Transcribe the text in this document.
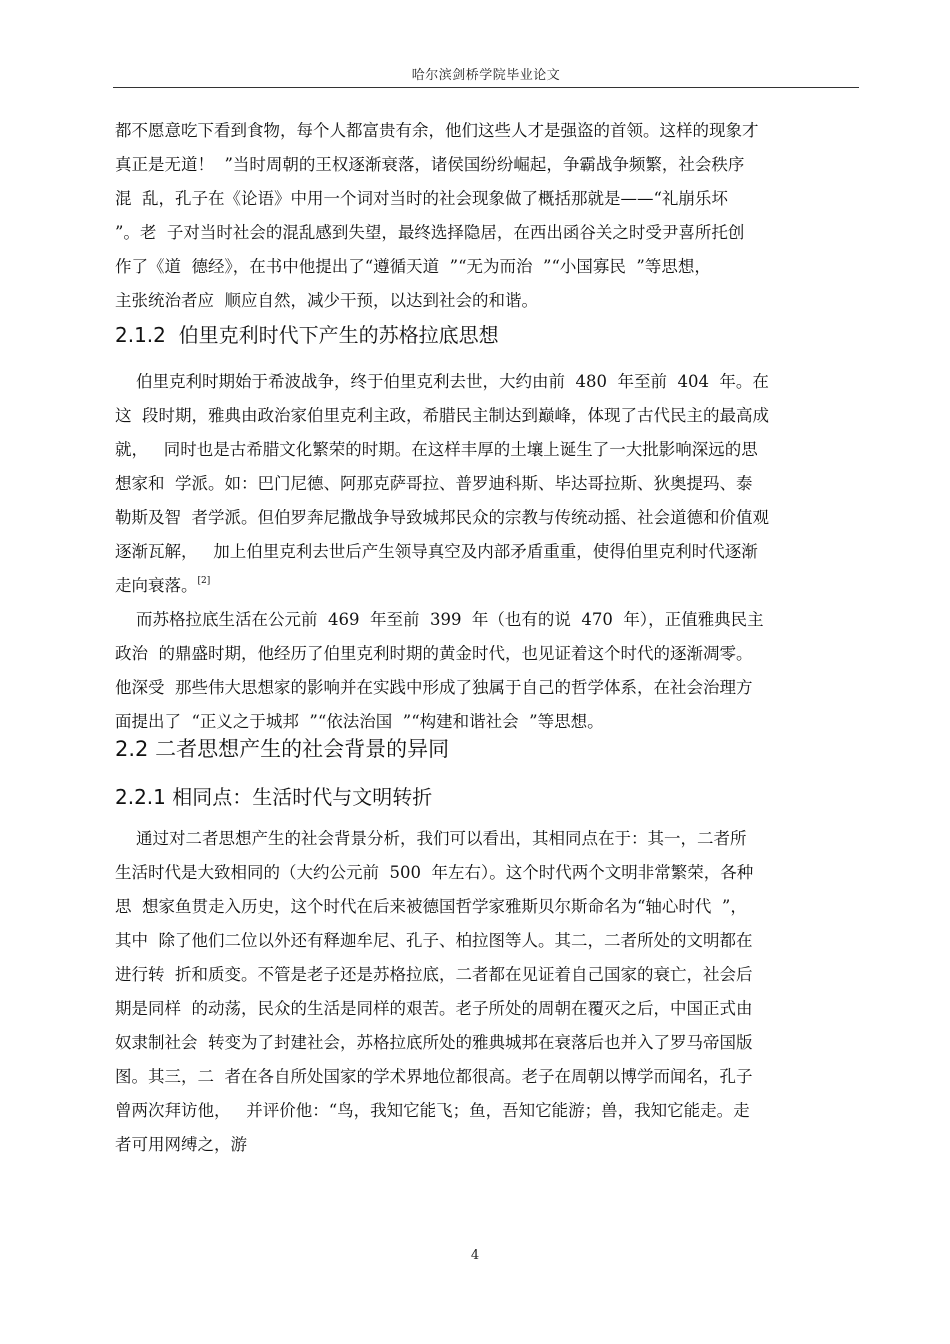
哈尔滨剑桥学院毕业论文
都不愿意吃下看到食物，每个人都富贵有余，他们这些人才是强盗的首领。这样的现象才
真正是无道！  ”当时周朝的王权逐渐衰落，诸侯国纷纷崛起，争霸战争频繁，社会秩序
混  乱，孔子在《论语》中用一个词对当时的社会现象做了概括那就是——“礼崩乐坏
”。老  子对当时社会的混乱感到失望，最终选择隐居，在西出函谷关之时受尹喜所托创
作了《道  德经》，在书中他提出了“遵循天道  ”“无为而治  ”“小国寡民  ”等思想，
主张统治者应  顺应自然，减少干预，以达到社会的和谐。
2.1.2  伯里克利时代下产生的苏格拉底思想
伯里克利时期始于希波战争，终于伯里克利去世，大约由前  480  年至前  404  年。在
这  段时期，雅典由政治家伯里克利主政，希腊民主制达到巅峰，体现了古代民主的最高成
就，   同时也是古希腊文化繁荣的时期。在这样丰厚的土壤上诞生了一大批影响深远的思
想家和  学派。如：巴门尼德、阿那克萨哥拉、普罗迪科斯、毕达哥拉斯、狄奥提玛、泰
勒斯及智  者学派。但伯罗奔尼撒战争导致城邦民众的宗教与传统动摇、社会道德和价值观
逐渐瓦解，   加上伯里克利去世后产生领导真空及内部矛盾重重，使得伯里克利时代逐渐
走向衰落。[2]
而苏格拉底生活在公元前  469  年至前  399  年（也有的说  470  年），正值雅典民主
政治  的鼎盛时期，他经历了伯里克利时期的黄金时代，也见证着这个时代的逐渐凋零。
他深受  那些伟大思想家的影响并在实践中形成了独属于自己的哲学体系，在社会治理方
面提出了  “正义之于城邦  ”“依法治国  ”“构建和谐社会  ”等思想。
2.2 二者思想产生的社会背景的异同
2.2.1 相同点：生活时代与文明转折
通过对二者思想产生的社会背景分析，我们可以看出，其相同点在于：其一，二者所
生活时代是大致相同的（大约公元前  500  年左右）。这个时代两个文明非常繁荣，各种
思  想家鱼贯走入历史，这个时代在后来被德国哲学家雅斯贝尔斯命名为“轴心时代  ”，
其中  除了他们二位以外还有释迦牟尼、孔子、柏拉图等人。其二，二者所处的文明都在
进行转  折和质变。不管是老子还是苏格拉底，二者都在见证着自己国家的衰亡，社会后
期是同样  的动荡，民众的生活是同样的艰苦。老子所处的周朝在覆灭之后，中国正式由
奴隶制社会  转变为了封建社会，苏格拉底所处的雅典城邦在衰落后也并入了罗马帝国版
图。其三，二  者在各自所处国家的学术界地位都很高。老子在周朝以博学而闻名，孔子
曾两次拜访他，   并评价他：“鸟，我知它能飞；鱼，吾知它能游；兽，我知它能走。走
者可用网缚之，游
4
